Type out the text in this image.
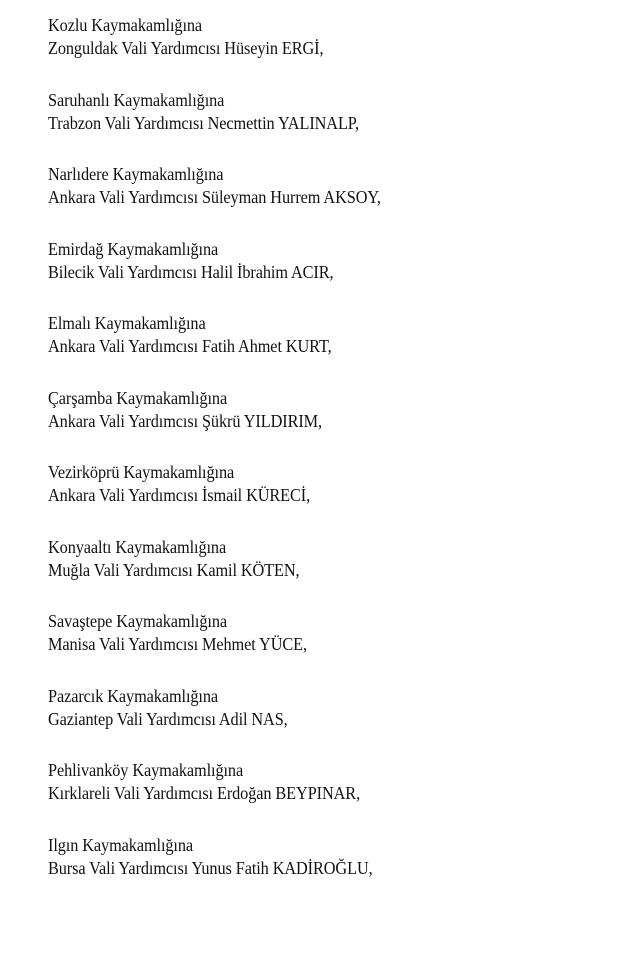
Kozlu Kaymakamlığına
Zonguldak Vali Yardımcısı Hüseyin ERGİ,
Saruhanlı Kaymakamlığına
Trabzon Vali Yardımcısı Necmettin YALINALP,
Narlıdere Kaymakamlığına
Ankara Vali Yardımcısı Süleyman Hurrem AKSOY,
Emirdağ Kaymakamlığına
Bilecik Vali Yardımcısı Halil İbrahim ACIR,
Elmalı Kaymakamlığına
Ankara Vali Yardımcısı Fatih Ahmet KURT,
Çarşamba Kaymakamlığına
Ankara Vali Yardımcısı Şükrü YILDIRIM,
Vezirköprü Kaymakamlığına
Ankara Vali Yardımcısı İsmail KÜRECİ,
Konyaaltı Kaymakamlığına
Muğla Vali Yardımcısı Kamil KÖTEN,
Savaştepe Kaymakamlığına
Manisa Vali Yardımcısı Mehmet YÜCE,
Pazarcık Kaymakamlığına
Gaziantep Vali Yardımcısı Adil NAS,
Pehlivanköy Kaymakamlığına
Kırklareli Vali Yardımcısı Erdoğan BEYPINAR,
Ilgın Kaymakamlığına
Bursa Vali Yardımcısı Yunus Fatih KADİROĞLU,
